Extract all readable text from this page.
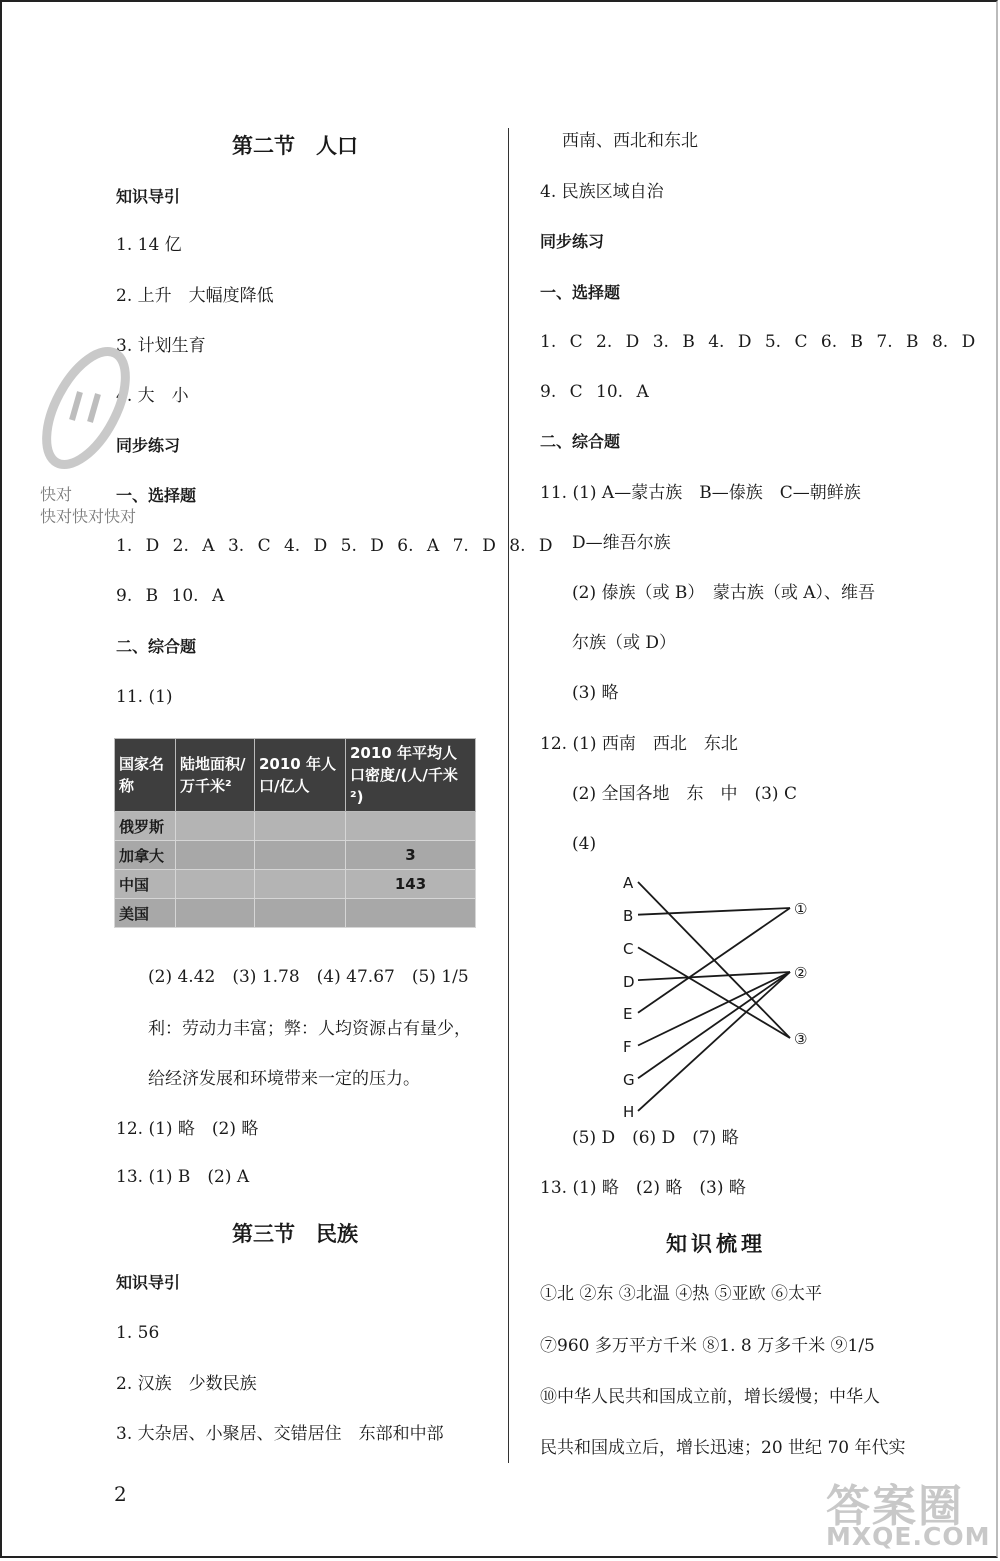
第二节　人口
知识导引
1. 14 亿
2. 上升　大幅度降低
3. 计划生育
4. 大　小
同步练习
一、选择题
1. D 2. A 3. C 4. D 5. D 6. A 7. D 8. D
9. B 10. A
二、综合题
11. (1)
国家名称	陆地面积/万千米²	2010 年人口/亿人	2010 年平均人口密度/(人/千米²)
俄罗斯			
加拿大			3
中国			143
美国			
(2) 4.42　(3) 1.78　(4) 47.67　(5) 1/5
利：劳动力丰富；弊：人均资源占有量少，
给经济发展和环境带来一定的压力。
12. (1) 略　(2) 略
13. (1) B　(2) A
第三节　民族
知识导引
1. 56
2. 汉族　少数民族
3. 大杂居、小聚居、交错居住　东部和中部
快对
快对快对快对
2
西南、西北和东北
4. 民族区域自治
同步练习
一、选择题
1. C 2. D 3. B 4. D 5. C 6. B 7. B 8. D
9. C 10. A
二、综合题
11. (1) A—蒙古族　B—傣族　C—朝鲜族
D—维吾尔族
(2) 傣族（或 B）　蒙古族（或 A）、维吾
尔族（或 D）
(3) 略
12. (1) 西南　西北　东北
(2) 全国各地　东　中　(3) C
(4)
A
B
C
D
E
F
G
H
①
②
③
(5) D　(6) D　(7) 略
13. (1) 略　(2) 略　(3) 略
知识梳理
①北 ②东 ③北温 ④热 ⑤亚欧 ⑥太平
⑦960 多万平方千米 ⑧1. 8 万多千米 ⑨1/5
⑩中华人民共和国成立前，增长缓慢；中华人
民共和国成立后，增长迅速；20 世纪 70 年代实
答案圈
MXQE.COM
